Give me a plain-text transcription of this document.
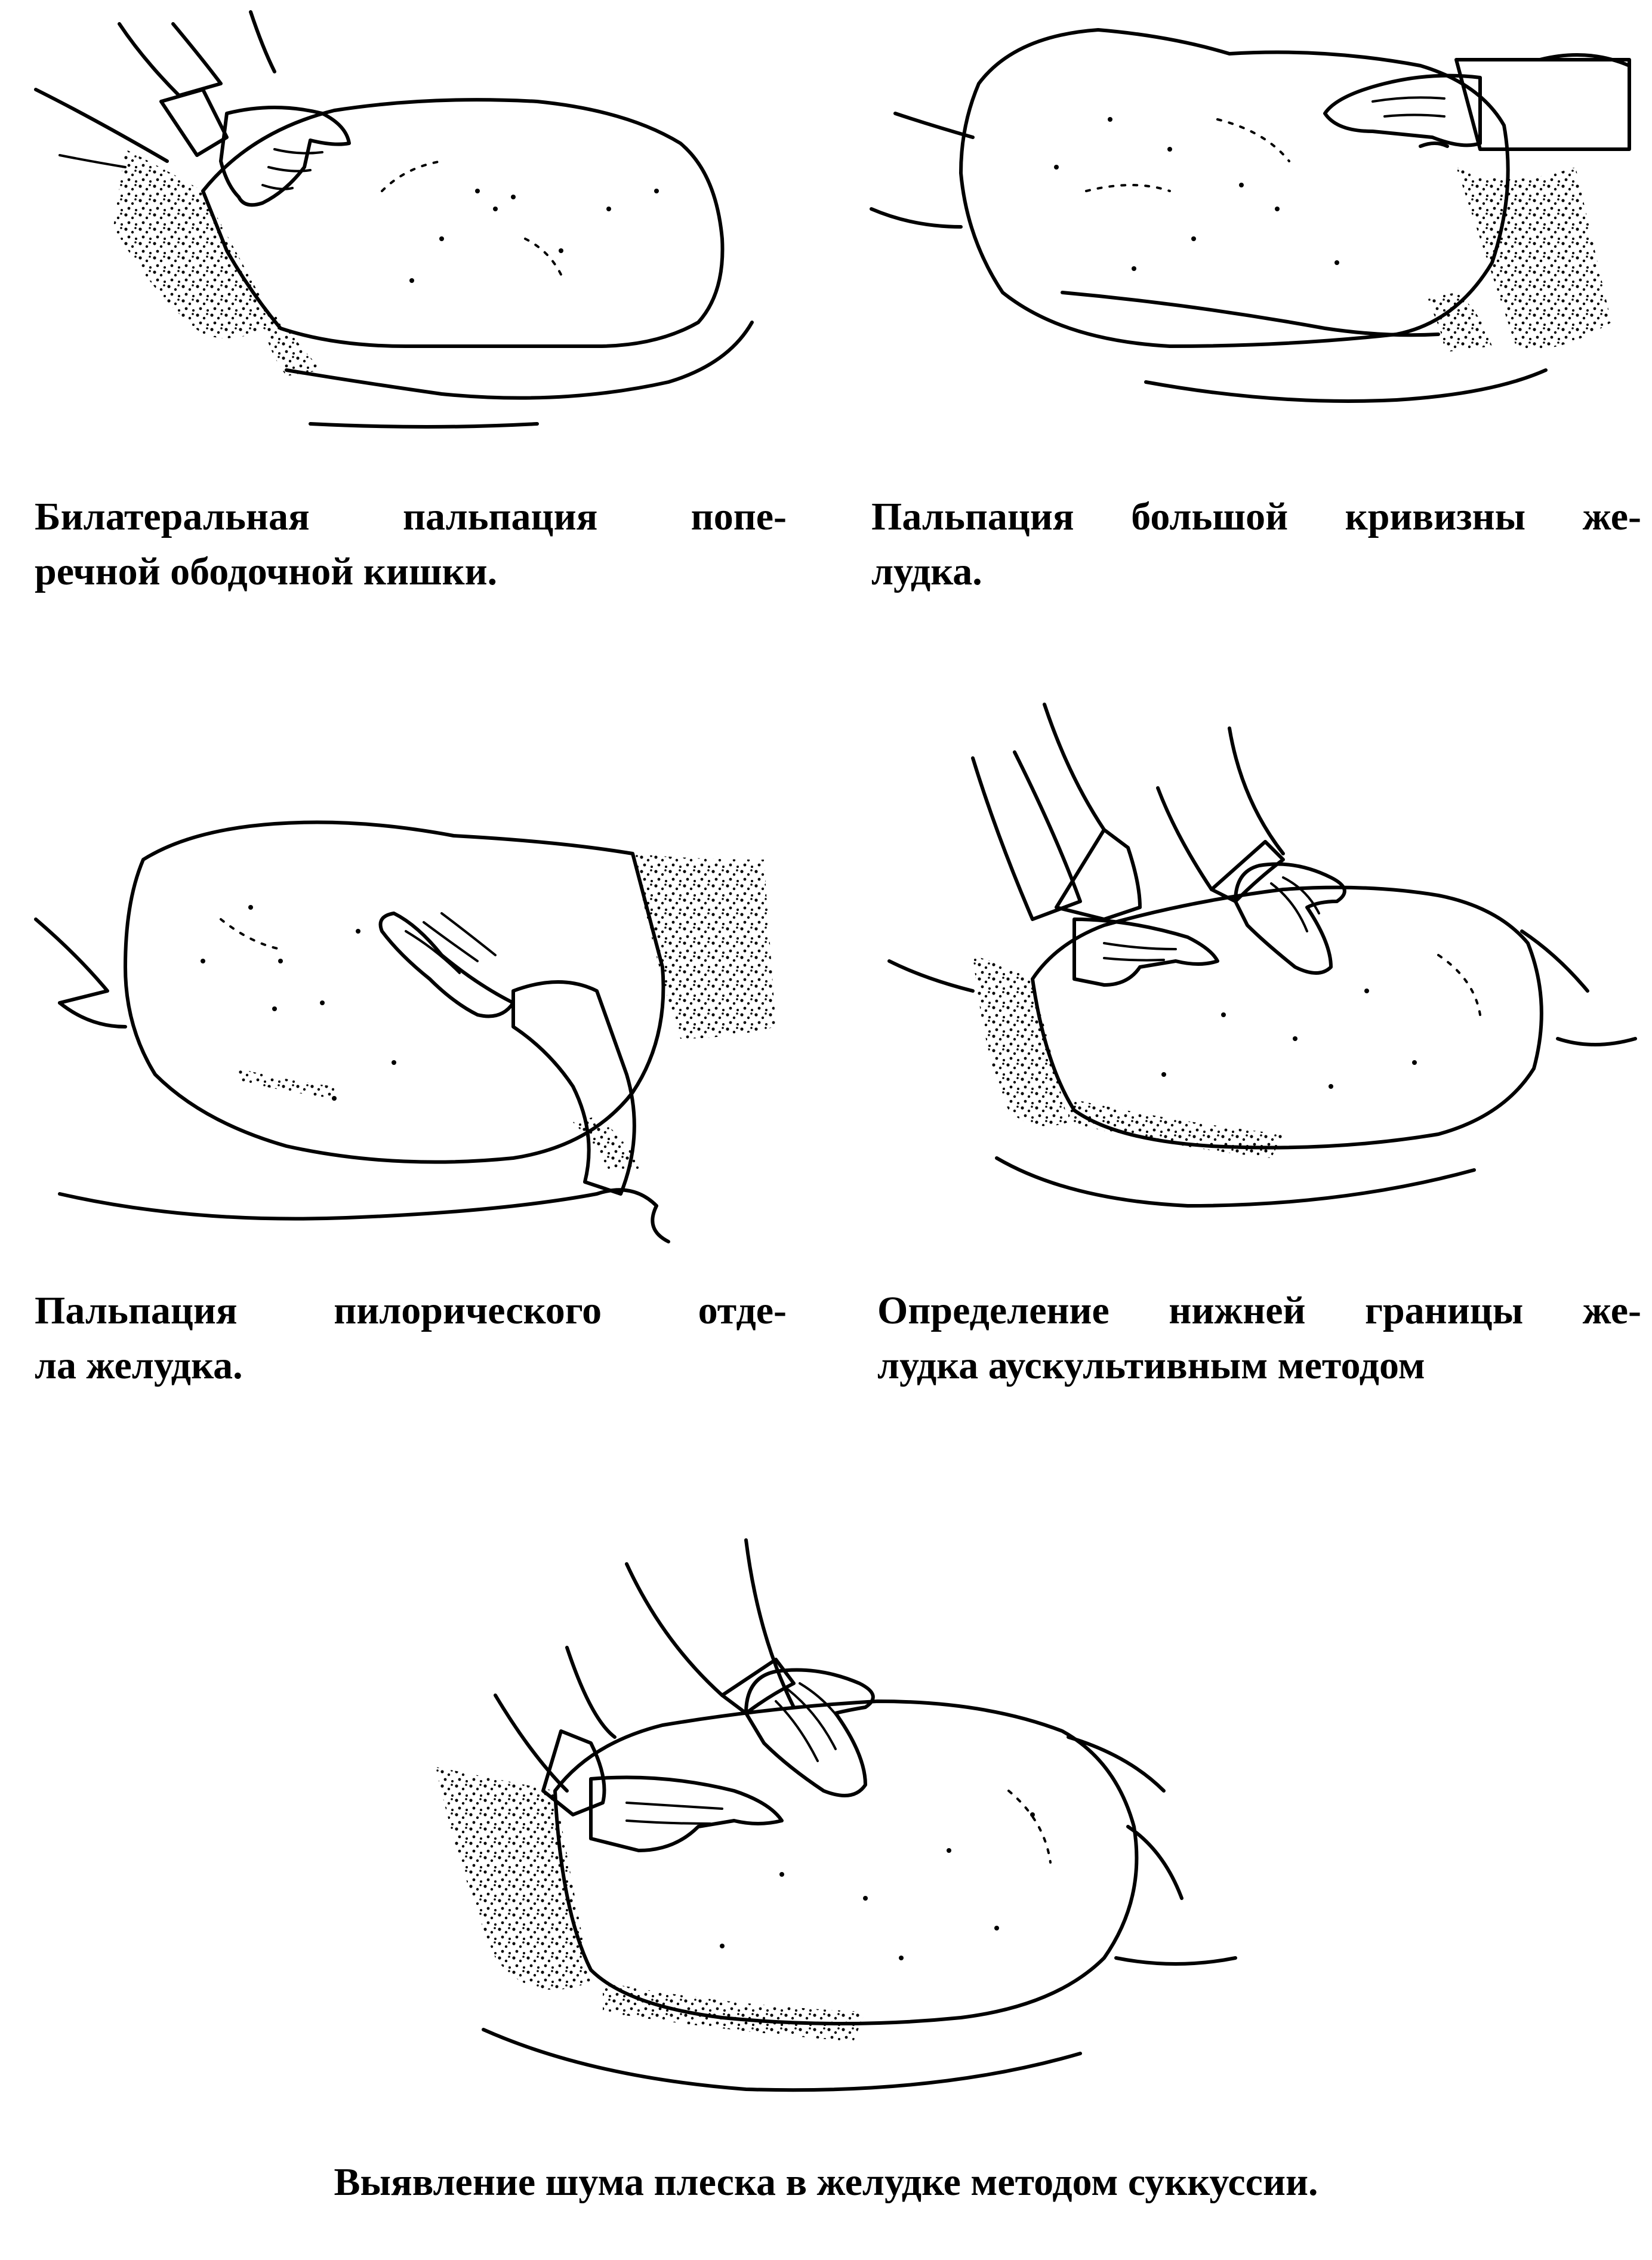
Билатеральная пальпация попе-
речной ободочной кишки.
Пальпация большой кривизны же-
лудка.
Пальпация пилорического отде-
ла желудка.
Определение нижней границы же-
лудка аускультивным методом
Выявление шума плеска в желудке методом суккуссии.
